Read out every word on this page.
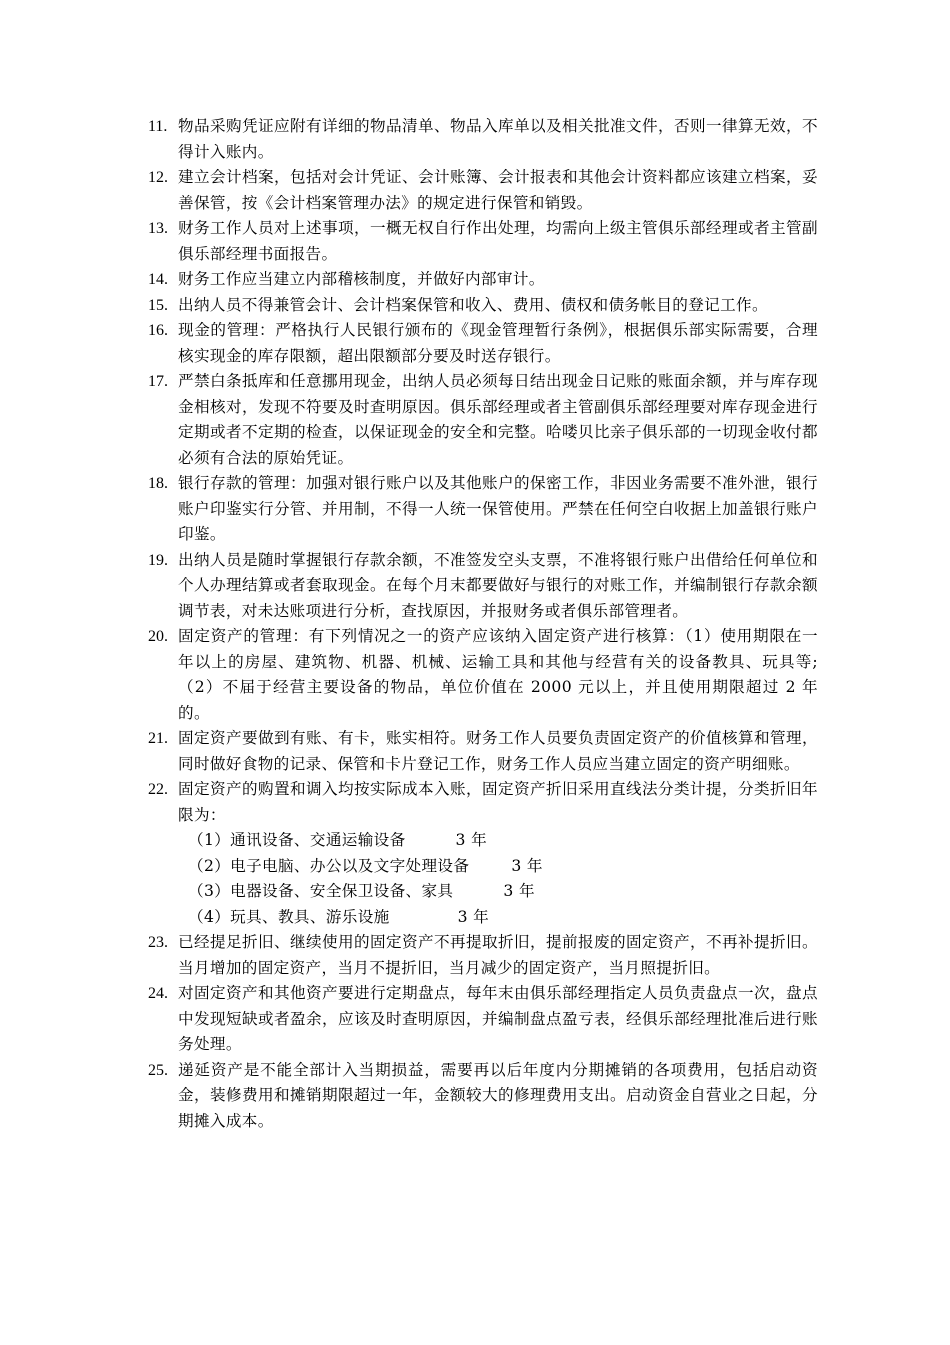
11. 物品采购凭证应附有详细的物品清单、物品入库单以及相关批准文件，否则一律算无效，不得计入账内。
12. 建立会计档案，包括对会计凭证、会计账簿、会计报表和其他会计资料都应该建立档案，妥善保管，按《会计档案管理办法》的规定进行保管和销毁。
13. 财务工作人员对上述事项，一概无权自行作出处理，均需向上级主管俱乐部经理或者主管副俱乐部经理书面报告。
14. 财务工作应当建立内部稽核制度，并做好内部审计。
15. 出纳人员不得兼管会计、会计档案保管和收入、费用、债权和债务帐目的登记工作。
16. 现金的管理：严格执行人民银行颁布的《现金管理暂行条例》，根据俱乐部实际需要，合理核实现金的库存限额，超出限额部分要及时送存银行。
17. 严禁白条抵库和任意挪用现金，出纳人员必须每日结出现金日记账的账面余额，并与库存现金相核对，发现不符要及时查明原因。俱乐部经理或者主管副俱乐部经理要对库存现金进行定期或者不定期的检查，以保证现金的安全和完整。哈喽贝比亲子俱乐部的一切现金收付都必须有合法的原始凭证。
18. 银行存款的管理：加强对银行账户以及其他账户的保密工作，非因业务需要不准外泄，银行账户印鉴实行分管、并用制，不得一人统一保管使用。严禁在任何空白收据上加盖银行账户印鉴。
19. 出纳人员是随时掌握银行存款余额，不准签发空头支票，不准将银行账户出借给任何单位和个人办理结算或者套取现金。在每个月末都要做好与银行的对账工作，并编制银行存款余额调节表，对未达账项进行分析，查找原因，并报财务或者俱乐部管理者。
20. 固定资产的管理：有下列情况之一的资产应该纳入固定资产进行核算：（1）使用期限在一年以上的房屋、建筑物、机器、机械、运输工具和其他与经营有关的设备教具、玩具等;（2）不届于经营主要设备的物品，单位价值在 2000 元以上，并且使用期限超过 2 年的。
21. 固定资产要做到有账、有卡，账实相符。财务工作人员要负责固定资产的价值核算和管理，同时做好食物的记录、保管和卡片登记工作，财务工作人员应当建立固定的资产明细账。
22. 固定资产的购置和调入均按实际成本入账，固定资产折旧采用直线法分类计提，分类折旧年限为：
（1）通讯设备、交通运输设备	3 年
（2）电子电脑、办公以及文字处理设备	3 年
（3）电器设备、安全保卫设备、家具	3 年
（4）玩具、教具、游乐设施	3 年
23. 已经提足折旧、继续使用的固定资产不再提取折旧，提前报废的固定资产，不再补提折旧。当月增加的固定资产，当月不提折旧，当月减少的固定资产，当月照提折旧。
24. 对固定资产和其他资产要进行定期盘点，每年末由俱乐部经理指定人员负责盘点一次，盘点中发现短缺或者盈余，应该及时查明原因，并编制盘点盈亏表，经俱乐部经理批准后进行账务处理。
25. 递延资产是不能全部计入当期损益，需要再以后年度内分期摊销的各项费用，包括启动资金，装修费用和摊销期限超过一年，金额较大的修理费用支出。启动资金自营业之日起，分期摊入成本。
